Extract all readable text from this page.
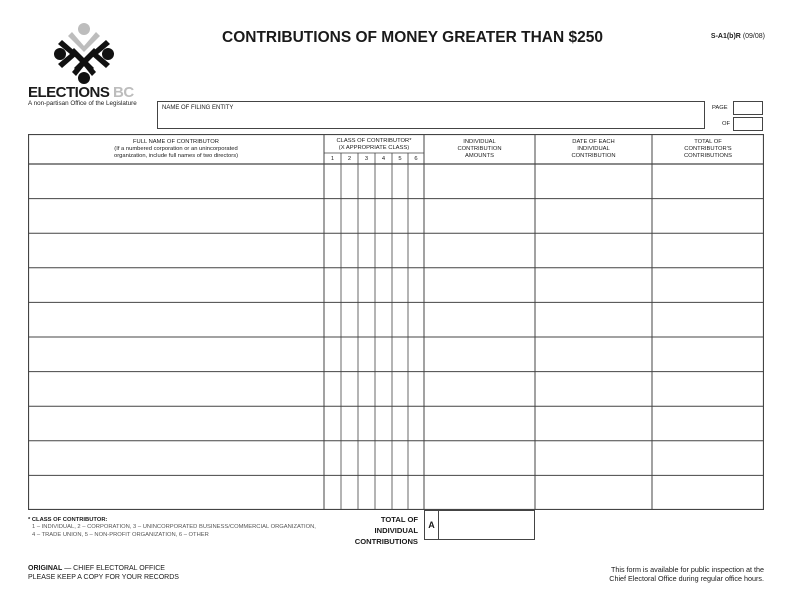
ELECTIONS BC
A non-partisan Office of the Legislature
CONTRIBUTIONS OF MONEY GREATER THAN $250	S-A1(b)R (09/08)
NAME OF FILING ENTITY	PAGE
OF
FULL NAME OF CONTRIBUTOR
(If a numbered corporation or an unincorporated
organization, include full names of two directors)
CLASS OF CONTRIBUTOR*
(X APPROPRIATE CLASS)
1	2	3	4	5	6
INDIVIDUAL
CONTRIBUTION
AMOUNTS
DATE OF EACH
INDIVIDUAL
CONTRIBUTION
TOTAL OF
CONTRIBUTOR'S
CONTRIBUTIONS
* CLASS OF CONTRIBUTOR:
1 – INDIVIDUAL, 2 – CORPORATION, 3 – UNINCORPORATED BUSINESS/COMMERCIAL ORGANIZATION,
4 – TRADE UNION, 5 – NON-PROFIT ORGANIZATION, 6 – OTHER
TOTAL OF
INDIVIDUAL
CONTRIBUTIONS
A
ORIGINAL — CHIEF ELECTORAL OFFICE
PLEASE KEEP A COPY FOR YOUR RECORDS
This form is available for public inspection at the
Chief Electoral Office during regular office hours.
